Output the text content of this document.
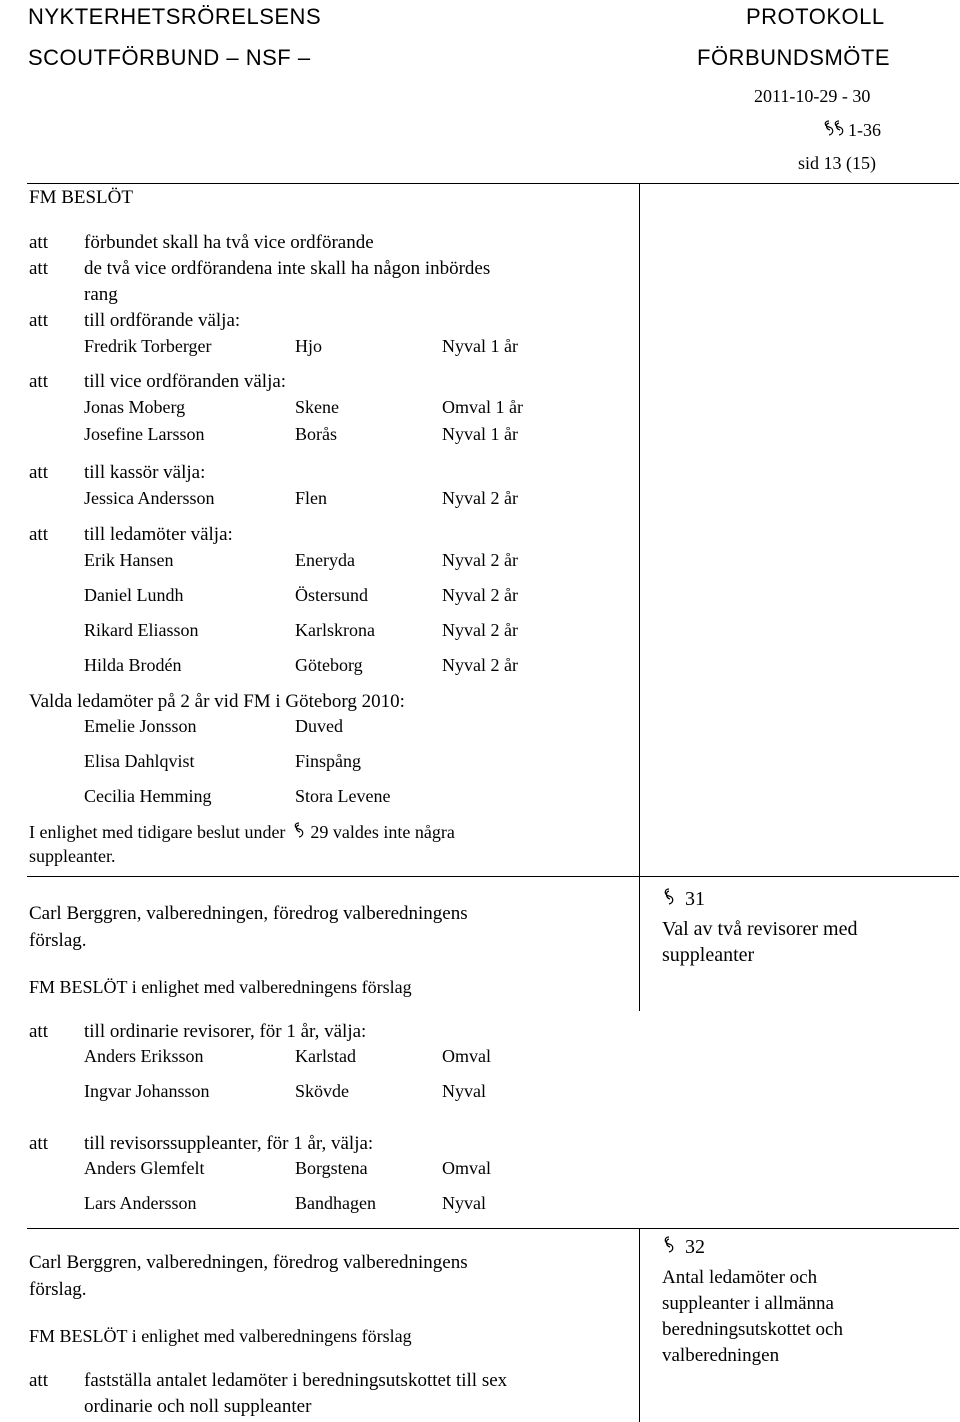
NYKTERHETSRÖRELSENS
SCOUTFÖRBUND – NSF –
PROTOKOLL
FÖRBUNDSMÖTE
2011-10-29 - 30
1-36
sid 13 (15)
FM BESLÖT
att förbundet skall ha två vice ordförande
att de två vice ordförandena inte skall ha någon inbördes
rang
att till ordförande välja:
Fredrik Torberger	Hjo	Nyval 1 år
att till vice ordföranden välja:
Jonas Moberg	Skene	Omval 1 år
Josefine Larsson	Borås	Nyval 1 år
att till kassör välja:
Jessica Andersson	Flen	Nyval 2 år
att till ledamöter välja:
Erik Hansen	Eneryda	Nyval 2 år
Daniel Lundh	Östersund	Nyval 2 år
Rikard Eliasson	Karlskrona	Nyval 2 år
Hilda Brodén	Göteborg	Nyval 2 år
Valda ledamöter på 2 år vid FM i Göteborg 2010:
Emelie Jonsson	Duved
Elisa Dahlqvist	Finspång
Cecilia Hemming	Stora Levene
I enlighet med tidigare beslut under 29 valdes inte några
suppleanter.
31
Val av två revisorer med
suppleanter
Carl Berggren, valberedningen, föredrog valberedningens
förslag.
FM BESLÖT i enlighet med valberedningens förslag
att till ordinarie revisorer, för 1 år, välja:
Anders Eriksson	Karlstad	Omval
Ingvar Johansson	Skövde	Nyval
att till revisorssuppleanter, för 1 år, välja:
Anders Glemfelt	Borgstena	Omval
Lars Andersson	Bandhagen	Nyval
32
Antal ledamöter och
suppleanter i allmänna
beredningsutskottet och
valberedningen
Carl Berggren, valberedningen, föredrog valberedningens
förslag.
FM BESLÖT i enlighet med valberedningens förslag
att fastställa antalet ledamöter i beredningsutskottet till sex
ordinarie och noll suppleanter
